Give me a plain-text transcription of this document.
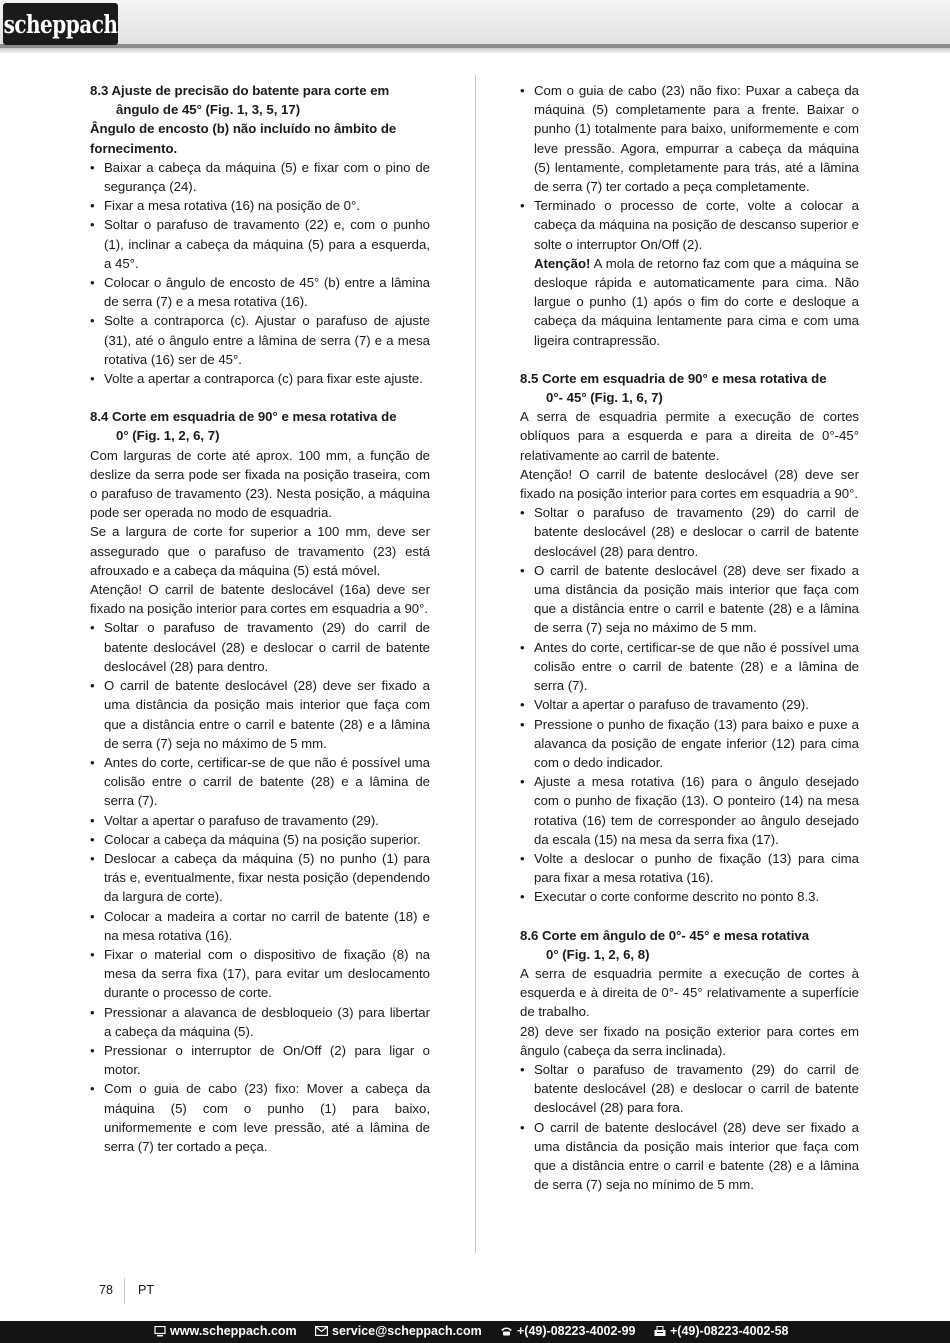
scheppach

8.3 Ajuste de precisão do batente para corte em
ângulo de 45° (Fig. 1, 3, 5, 17)

Ângulo de encosto (b) não incluído no âmbito de fornecimento.

• Baixar a cabeça da máquina (5) e fixar com o pino de segurança (24).
• Fixar a mesa rotativa (16) na posição de 0°.
• Soltar o parafuso de travamento (22) e, com o punho (1), inclinar a cabeça da máquina (5) para a esquerda, a 45°.
• Colocar o ângulo de encosto de 45° (b) entre a lâmina de serra (7) e a mesa rotativa (16).
• Solte a contraporca (c). Ajustar o parafuso de ajuste (31), até o ângulo entre a lâmina de serra (7) e a mesa rotativa (16) ser de 45°.
• Volte a apertar a contraporca (c) para fixar este ajuste.

8.4 Corte em esquadria de 90° e mesa rotativa de
0° (Fig. 1, 2, 6, 7)

Com larguras de corte até aprox. 100 mm, a função de deslize da serra pode ser fixada na posição traseira, com o parafuso de travamento (23). Nesta posição, a máquina pode ser operada no modo de esquadria.

Se a largura de corte for superior a 100 mm, deve ser assegurado que o parafuso de travamento (23) está afrouxado e a cabeça da máquina (5) está móvel.

Atenção! O carril de batente deslocável (16a) deve ser fixado na posição interior para cortes em esquadria a 90°.

• Soltar o parafuso de travamento (29) do carril de batente deslocável (28) e deslocar o carril de batente deslocável (28) para dentro.
• O carril de batente deslocável (28) deve ser fixado a uma distância da posição mais interior que faça com que a distância entre o carril e batente (28) e a lâmina de serra (7) seja no máximo de 5 mm.
• Antes do corte, certificar-se de que não é possível uma colisão entre o carril de batente (28) e a lâmina de serra (7).
• Voltar a apertar o parafuso de travamento (29).
• Colocar a cabeça da máquina (5) na posição superior.
• Deslocar a cabeça da máquina (5) no punho (1) para trás e, eventualmente, fixar nesta posição (dependendo da largura de corte).
• Colocar a madeira a cortar no carril de batente (18) e na mesa rotativa (16).
• Fixar o material com o dispositivo de fixação (8) na mesa da serra fixa (17), para evitar um deslocamento durante o processo de corte.
• Pressionar a alavanca de desbloqueio (3) para libertar a cabeça da máquina (5).
• Pressionar o interruptor de On/Off (2) para ligar o motor.
• Com o guia de cabo (23) fixo: Mover a cabeça da máquina (5) com o punho (1) para baixo, uniformemente e com leve pressão, até a lâmina de serra (7) ter cortado a peça.
• Com o guia de cabo (23) não fixo: Puxar a cabeça da máquina (5) completamente para a frente. Baixar o punho (1) totalmente para baixo, uniformemente e com leve pressão. Agora, empurrar a cabeça da máquina (5) lentamente, completamente para trás, até a lâmina de serra (7) ter cortado a peça completamente.
• Terminado o processo de corte, volte a colocar a cabeça da máquina na posição de descanso superior e solte o interruptor On/Off (2).

Atenção! A mola de retorno faz com que a máquina se desloque rápida e automaticamente para cima. Não largue o punho (1) após o fim do corte e desloque a cabeça da máquina lentamente para cima e com uma ligeira contrapressão.

8.5 Corte em esquadria de 90° e mesa rotativa de
0°- 45° (Fig. 1, 6, 7)

A serra de esquadria permite a execução de cortes oblíquos para a esquerda e para a direita de 0°-45° relativamente ao carril de batente.

Atenção! O carril de batente deslocável (28) deve ser fixado na posição interior para cortes em esquadria a 90°.

• Soltar o parafuso de travamento (29) do carril de batente deslocável (28) e deslocar o carril de batente deslocável (28) para dentro.
• O carril de batente deslocável (28) deve ser fixado a uma distância da posição mais interior que faça com que a distância entre o carril e batente (28) e a lâmina de serra (7) seja no máximo de 5 mm.
• Antes do corte, certificar-se de que não é possível uma colisão entre o carril de batente (28) e a lâmina de serra (7).
• Voltar a apertar o parafuso de travamento (29).
• Pressione o punho de fixação (13) para baixo e puxe a alavanca da posição de engate inferior (12) para cima com o dedo indicador.
• Ajuste a mesa rotativa (16) para o ângulo desejado com o punho de fixação (13). O ponteiro (14) na mesa rotativa (16) tem de corresponder ao ângulo desejado da escala (15) na mesa da serra fixa (17).
• Volte a deslocar o punho de fixação (13) para cima para fixar a mesa rotativa (16).
• Executar o corte conforme descrito no ponto 8.3.

8.6 Corte em ângulo de 0°- 45° e mesa rotativa
0° (Fig. 1, 2, 6, 8)

A serra de esquadria permite a execução de cortes à esquerda e à direita de 0°- 45° relativamente a superfície de trabalho.

28) deve ser fixado na posição exterior para cortes em ângulo (cabeça da serra inclinada).

• Soltar o parafuso de travamento (29) do carril de batente deslocável (28) e deslocar o carril de batente deslocável (28) para fora.
• O carril de batente deslocável (28) deve ser fixado a uma distância da posição mais interior que faça com que a distância entre o carril e batente (28) e a lâmina de serra (7) seja no mínimo de 5 mm.
78 PT
www.scheppach.com	service@scheppach.com	+(49)-08223-4002-99	+(49)-08223-4002-58
